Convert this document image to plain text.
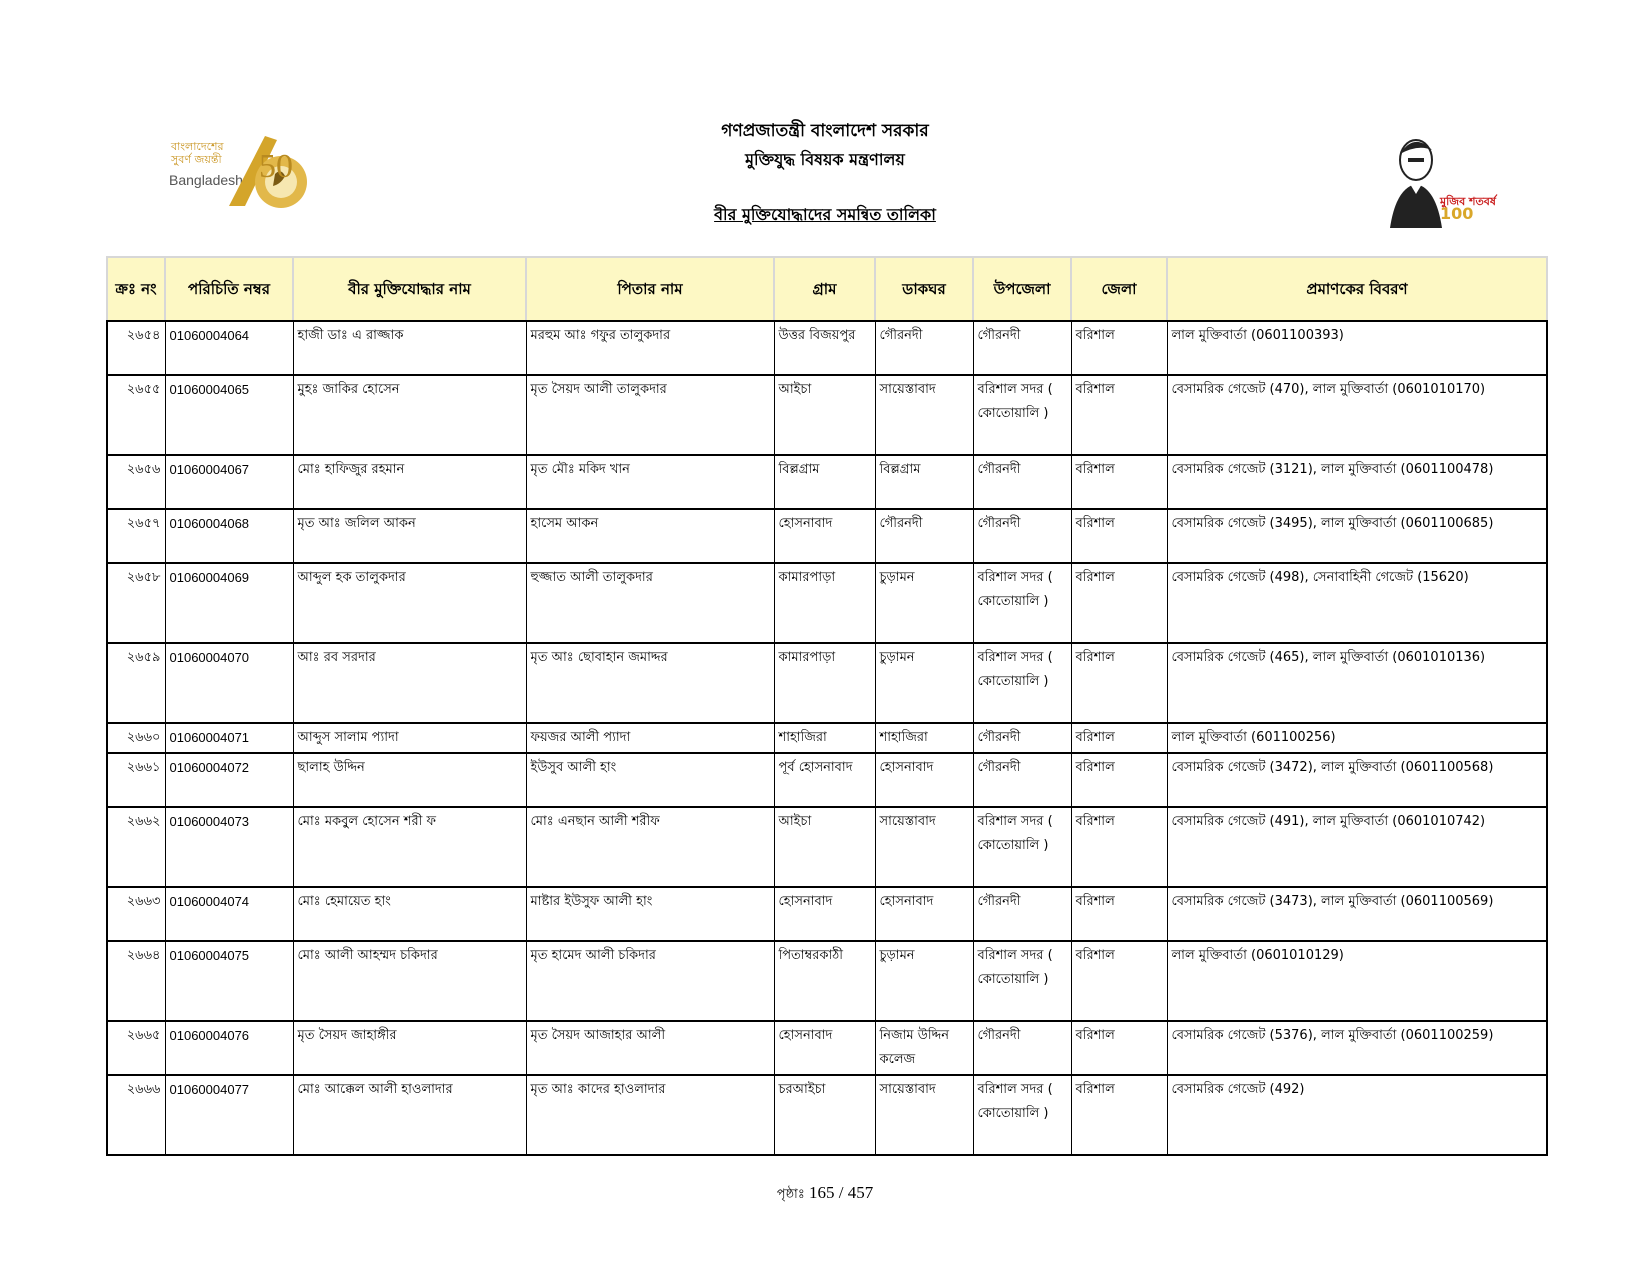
বাংলাদেশের সুবর্ণ জয়ন্তী
Bangladesh 50
মুজিব শতবর্ষ 100
গণপ্রজাতন্ত্রী বাংলাদেশ সরকার
মুক্তিযুদ্ধ বিষয়ক মন্ত্রণালয়
বীর মুক্তিযোদ্ধাদের সমন্বিত তালিকা
ক্রঃ নং	পরিচিতি নম্বর	বীর মুক্তিযোদ্ধার নাম	পিতার নাম	গ্রাম	ডাকঘর	উপজেলা	জেলা	প্রমাণকের বিবরণ
২৬৫৪	01060004064	হাজী ডাঃ এ রাজ্জাক	মরহুম আঃ গফুর তালুকদার	উত্তর বিজয়পুর	গৌরনদী	গৌরনদী	বরিশাল	লাল মুক্তিবার্তা (0601100393)
২৬৫৫	01060004065	মুহঃ জাকির হোসেন	মৃত সৈয়দ আলী তালুকদার	আইচা	সায়েস্তাবাদ	বরিশাল সদর ( কোতোয়ালি )	বরিশাল	বেসামরিক গেজেট (470), লাল মুক্তিবার্তা (0601010170)
২৬৫৬	01060004067	মোঃ হাফিজুর রহমান	মৃত মৌঃ মকিদ খান	বিল্লগ্রাম	বিল্লগ্রাম	গৌরনদী	বরিশাল	বেসামরিক গেজেট (3121), লাল মুক্তিবার্তা (0601100478)
২৬৫৭	01060004068	মৃত আঃ জলিল আকন	হাসেম আকন	হোসনাবাদ	গৌরনদী	গৌরনদী	বরিশাল	বেসামরিক গেজেট (3495), লাল মুক্তিবার্তা (0601100685)
২৬৫৮	01060004069	আব্দুল হক তালুকদার	হুজ্জাত আলী তালুকদার	কামারপাড়া	চুড়ামন	বরিশাল সদর ( কোতোয়ালি )	বরিশাল	বেসামরিক গেজেট (498), সেনাবাহিনী গেজেট (15620)
২৬৫৯	01060004070	আঃ রব সরদার	মৃত আঃ ছোবাহান জমাদ্দর	কামারপাড়া	চুড়ামন	বরিশাল সদর ( কোতোয়ালি )	বরিশাল	বেসামরিক গেজেট (465), লাল মুক্তিবার্তা (0601010136)
২৬৬০	01060004071	আব্দুস সালাম প্যাদা	ফয়জর আলী প্যাদা	শাহাজিরা	শাহাজিরা	গৌরনদী	বরিশাল	লাল মুক্তিবার্তা (601100256)
২৬৬১	01060004072	ছালাহ উদ্দিন	ইউসুব আলী হাং	পূর্ব হোসনাবাদ	হোসনাবাদ	গৌরনদী	বরিশাল	বেসামরিক গেজেট (3472), লাল মুক্তিবার্তা (0601100568)
২৬৬২	01060004073	মোঃ মকবুুল হোসেন শরী ফ	মোঃ এনছান আলী শরীফ	আইচা	সায়েস্তাবাদ	বরিশাল সদর ( কোতোয়ালি )	বরিশাল	বেসামরিক গেজেট (491), লাল মুক্তিবার্তা (0601010742)
২৬৬৩	01060004074	মোঃ হেমায়েত হাং	মাষ্টার ইউসুফ আলী হাং	হোসনাবাদ	হোসনাবাদ	গৌরনদী	বরিশাল	বেসামরিক গেজেট (3473), লাল মুক্তিবার্তা (0601100569)
২৬৬৪	01060004075	মোঃ আলী আহম্মদ চকিদার	মৃত হামেদ আলী চকিদার	পিতাম্বরকাঠী	চুড়ামন	বরিশাল সদর ( কোতোয়ালি )	বরিশাল	লাল মুক্তিবার্তা (0601010129)
২৬৬৫	01060004076	মৃত সৈয়দ জাহাঙ্গীর	মৃত সৈয়দ আজাহার আলী	হোসনাবাদ	নিজাম উদ্দিন কলেজ	গৌরনদী	বরিশাল	বেসামরিক গেজেট (5376), লাল মুক্তিবার্তা (0601100259)
২৬৬৬	01060004077	মোঃ আক্কেল আলী হাওলাদার	মৃত আঃ কাদের হাওলাদার	চরআইচা	সায়েস্তাবাদ	বরিশাল সদর ( কোতোয়ালি )	বরিশাল	বেসামরিক গেজেট (492)
পৃষ্ঠাঃ 165 / 457
